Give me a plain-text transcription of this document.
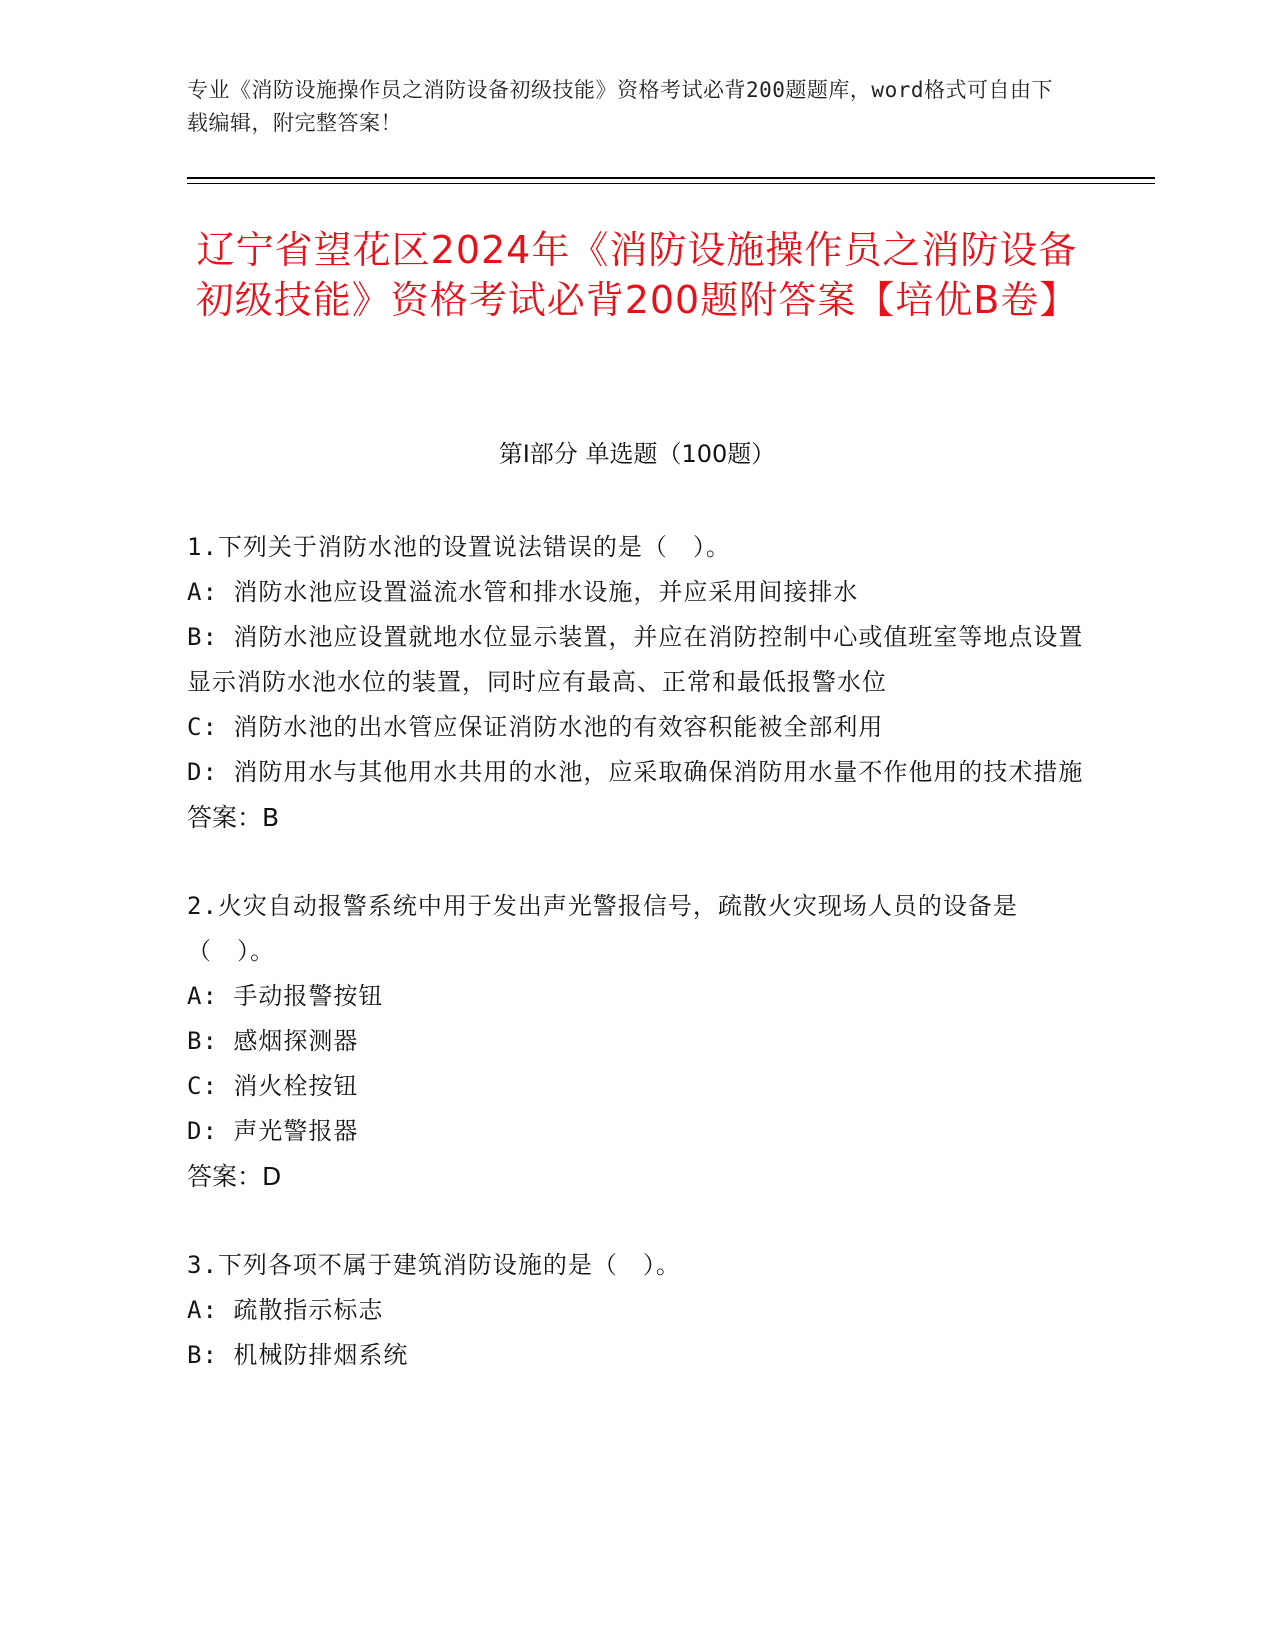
专业《消防设施操作员之消防设备初级技能》资格考试必背200题题库，word格式可自由下载编辑，附完整答案！
辽宁省望花区2024年《消防设施操作员之消防设备初级技能》资格考试必背200题附答案【培优B卷】
第I部分 单选题（100题）

1.下列关于消防水池的设置说法错误的是（　）。

A: 消防水池应设置溢流水管和排水设施，并应采用间接排水

B: 消防水池应设置就地水位显示装置，并应在消防控制中心或值班室等地点设置显示消防水池水位的装置，同时应有最高、正常和最低报警水位

C: 消防水池的出水管应保证消防水池的有效容积能被全部利用

D: 消防用水与其他用水共用的水池，应采取确保消防用水量不作他用的技术措施

答案：B

2.火灾自动报警系统中用于发出声光警报信号，疏散火灾现场人员的设备是（　）。

A: 手动报警按钮

B: 感烟探测器

C: 消火栓按钮

D: 声光警报器

答案：D

3.下列各项不属于建筑消防设施的是（　）。

A: 疏散指示标志

B: 机械防排烟系统
